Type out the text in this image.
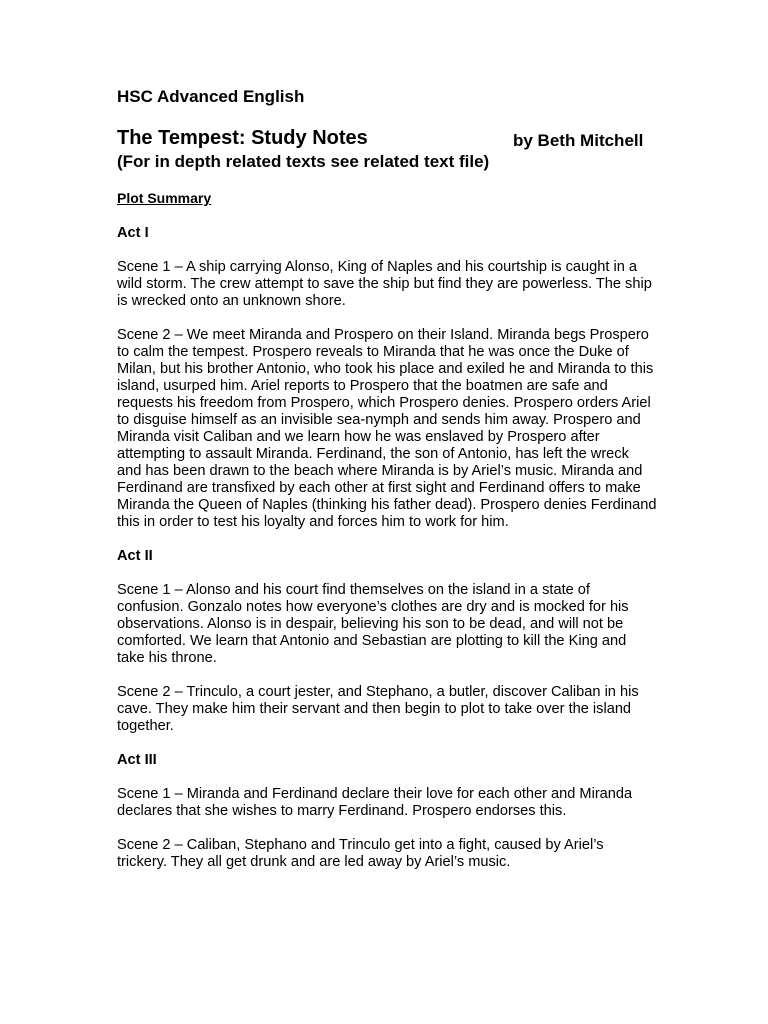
HSC Advanced English
The Tempest: Study Notes	by Beth Mitchell
(For in depth related texts see related text file)
Plot Summary

Act I

Scene 1 – A ship carrying Alonso, King of Naples and his courtship is caught in a wild storm. The crew attempt to save the ship but find they are powerless. The ship is wrecked onto an unknown shore.

Scene 2 – We meet Miranda and Prospero on their Island. Miranda begs Prospero to calm the tempest. Prospero reveals to Miranda that he was once the Duke of Milan, but his brother Antonio, who took his place and exiled he and Miranda to this island, usurped him. Ariel reports to Prospero that the boatmen are safe and requests his freedom from Prospero, which Prospero denies. Prospero orders Ariel to disguise himself as an invisible sea-nymph and sends him away. Prospero and Miranda visit Caliban and we learn how he was enslaved by Prospero after attempting to assault Miranda. Ferdinand, the son of Antonio, has left the wreck and has been drawn to the beach where Miranda is by Ariel’s music. Miranda and Ferdinand are transfixed by each other at first sight and Ferdinand offers to make Miranda the Queen of Naples (thinking his father dead). Prospero denies Ferdinand this in order to test his loyalty and forces him to work for him.

Act II

Scene 1 – Alonso and his court find themselves on the island in a state of confusion. Gonzalo notes how everyone’s clothes are dry and is mocked for his observations. Alonso is in despair, believing his son to be dead, and will not be comforted. We learn that Antonio and Sebastian are plotting to kill the King and take his throne.

Scene 2 – Trinculo, a court jester, and Stephano, a butler, discover Caliban in his cave. They make him their servant and then begin to plot to take over the island together.

Act III

Scene 1 – Miranda and Ferdinand declare their love for each other and Miranda declares that she wishes to marry Ferdinand. Prospero endorses this.

Scene 2 – Caliban, Stephano and Trinculo get into a fight, caused by Ariel’s trickery. They all get drunk and are led away by Ariel’s music.
